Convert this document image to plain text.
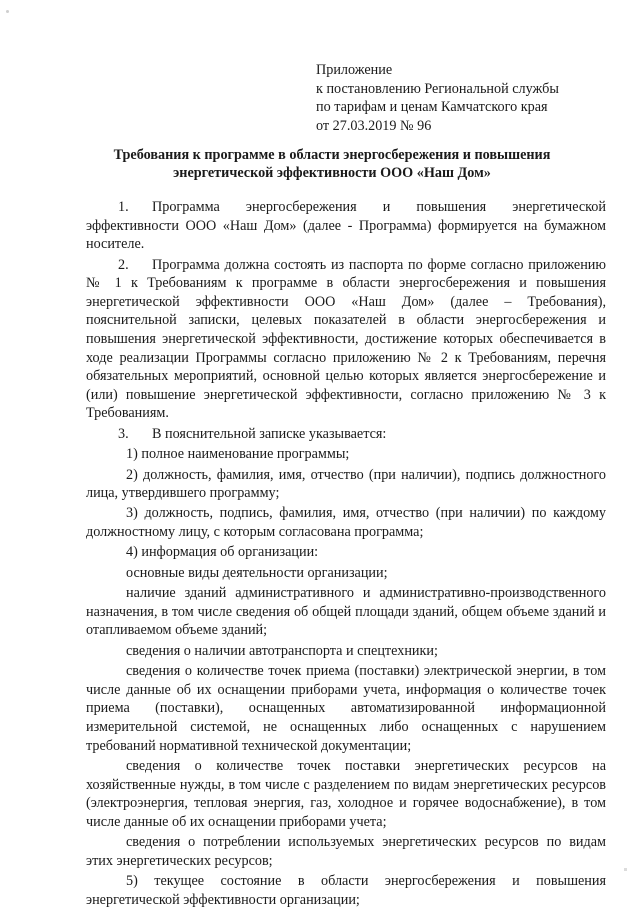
Приложение
к постановлению Региональной службы
по тарифам и ценам Камчатского края
от 27.03.2019 № 96
Требования к программе в области энергосбережения и повышения энергетической эффективности ООО «Наш Дом»
1. Программа энергосбережения и повышения энергетической эффективности ООО «Наш Дом» (далее - Программа) формируется на бумажном носителе.
2. Программа должна состоять из паспорта по форме согласно приложению № 1 к Требованиям к программе в области энергосбережения и повышения энергетической эффективности ООО «Наш Дом» (далее – Требования), пояснительной записки, целевых показателей в области энергосбережения и повышения энергетической эффективности, достижение которых обеспечивается в ходе реализации Программы согласно приложению № 2 к Требованиям, перечня обязательных мероприятий, основной целью которых является энергосбережение и (или) повышение энергетической эффективности, согласно приложению № 3 к Требованиям.
3. В пояснительной записке указывается:
1) полное наименование программы;
2) должность, фамилия, имя, отчество (при наличии), подпись должностного лица, утвердившего программу;
3) должность, подпись, фамилия, имя, отчество (при наличии) по каждому должностному лицу, с которым согласована программа;
4) информация об организации:
основные виды деятельности организации;
наличие зданий административного и административно-производственного назначения, в том числе сведения об общей площади зданий, общем объеме зданий и отапливаемом объеме зданий;
сведения о наличии автотранспорта и спецтехники;
сведения о количестве точек приема (поставки) электрической энергии, в том числе данные об их оснащении приборами учета, информация о количестве точек приема (поставки), оснащенных автоматизированной информационной измерительной системой, не оснащенных либо оснащенных с нарушением требований нормативной технической документации;
сведения о количестве точек поставки энергетических ресурсов на хозяйственные нужды, в том числе с разделением по видам энергетических ресурсов (электроэнергия, тепловая энергия, газ, холодное и горячее водоснабжение), в том числе данные об их оснащении приборами учета;
сведения о потреблении используемых энергетических ресурсов по видам этих энергетических ресурсов;
5) текущее состояние в области энергосбережения и повышения энергетической эффективности организации;
